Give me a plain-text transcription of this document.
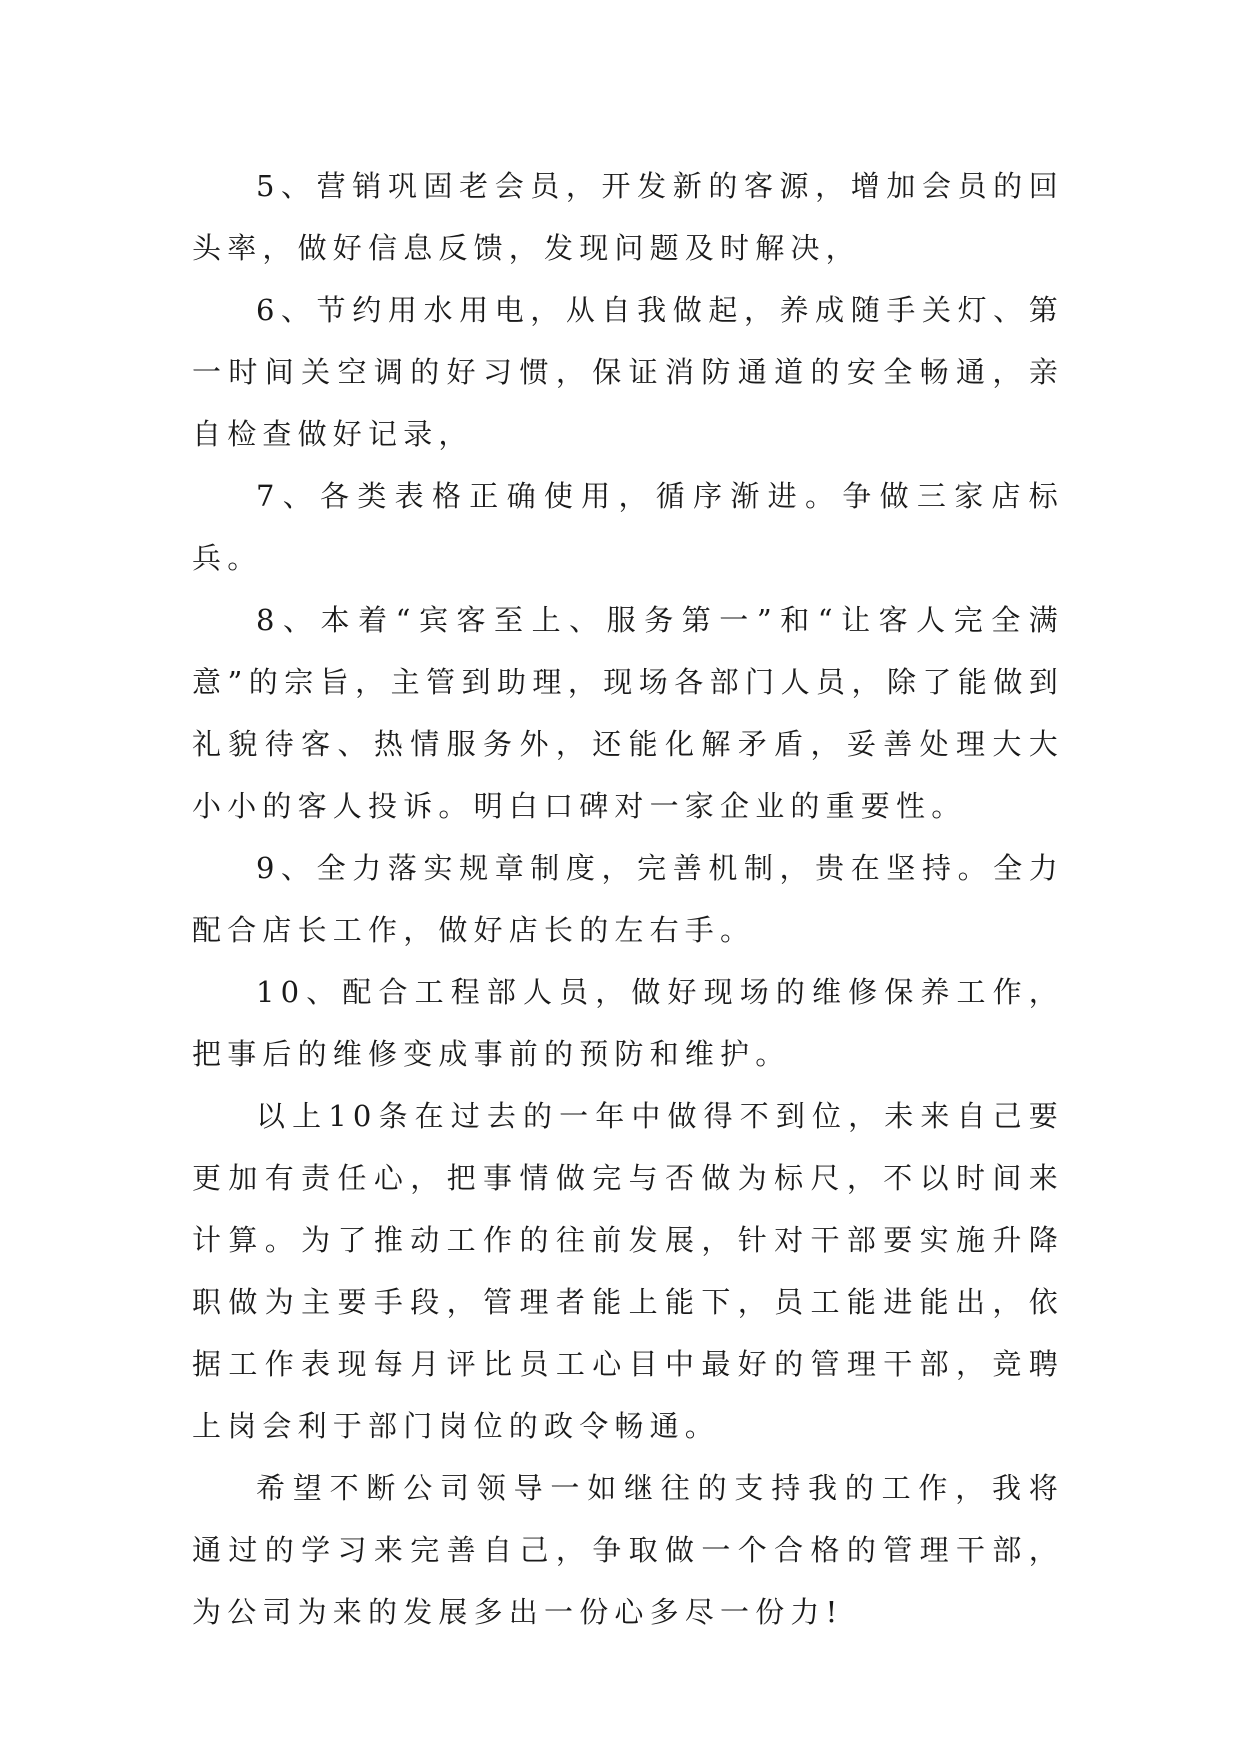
5、营销巩固老会员，开发新的客源，增加会员的回头率，做好信息反馈，发现问题及时解决，

6、节约用水用电，从自我做起，养成随手关灯、第一时间关空调的好习惯，保证消防通道的安全畅通，亲自检查做好记录，

7、各类表格正确使用，循序渐进。争做三家店标兵。

8、本着“宾客至上、服务第一”和“让客人完全满意”的宗旨，主管到助理，现场各部门人员，除了能做到礼貌待客、热情服务外，还能化解矛盾，妥善处理大大小小的客人投诉。明白口碑对一家企业的重要性。

9、全力落实规章制度，完善机制，贵在坚持。全力配合店长工作，做好店长的左右手。

10、配合工程部人员，做好现场的维修保养工作，把事后的维修变成事前的预防和维护。

以上10条在过去的一年中做得不到位，未来自己要更加有责任心，把事情做完与否做为标尺，不以时间来计算。为了推动工作的往前发展，针对干部要实施升降职做为主要手段，管理者能上能下，员工能进能出，依据工作表现每月评比员工心目中最好的管理干部，竞聘上岗会利于部门岗位的政令畅通。

希望不断公司领导一如继往的支持我的工作，我将通过的学习来完善自己，争取做一个合格的管理干部，为公司为来的发展多出一份心多尽一份力!
